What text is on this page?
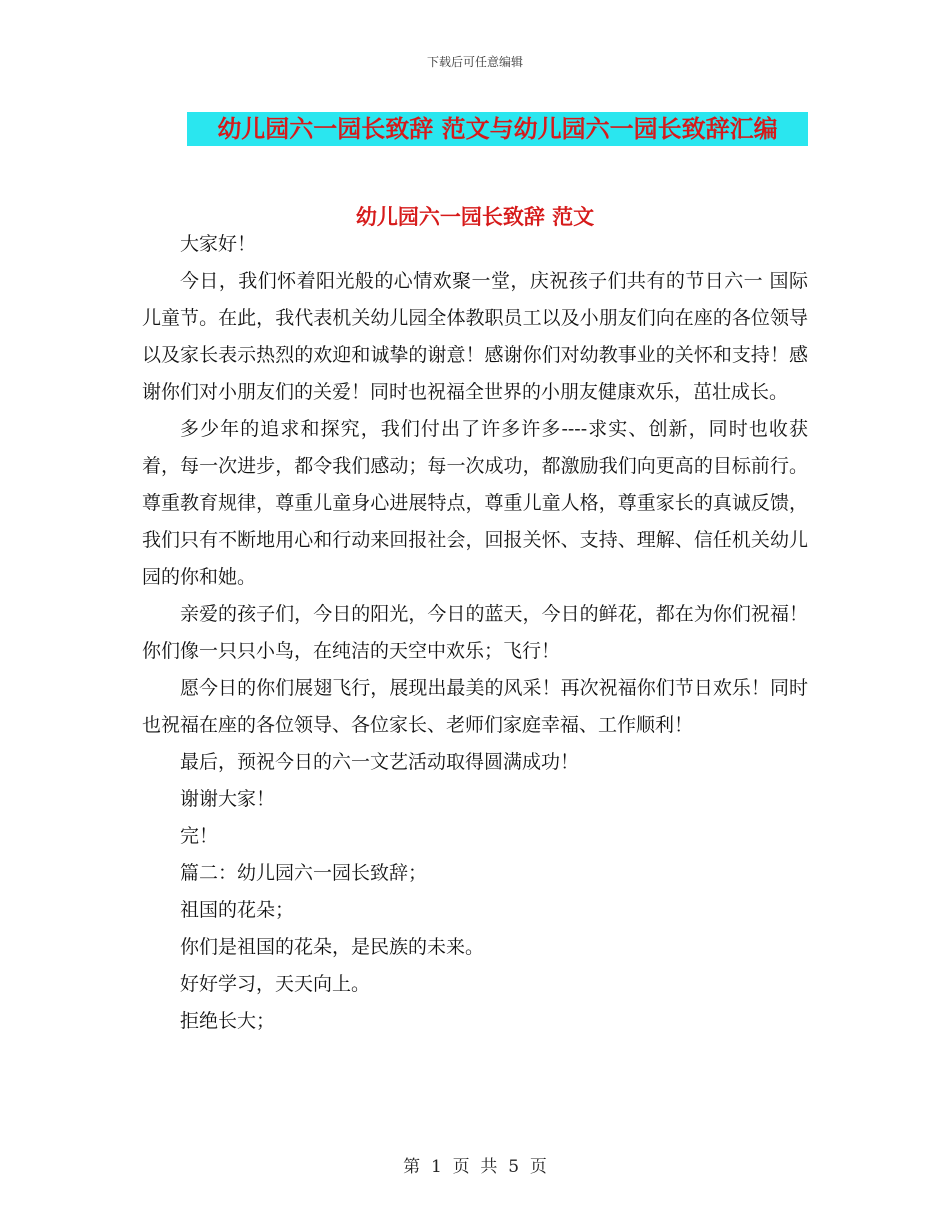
下载后可任意编辑
幼儿园六一园长致辞 范文与幼儿园六一园长致辞汇编
幼儿园六一园长致辞 范文

大家好！

今日，我们怀着阳光般的心情欢聚一堂，庆祝孩子们共有的节日六一 国际儿童节。在此，我代表机关幼儿园全体教职员工以及小朋友们向在座的各位领导以及家长表示热烈的欢迎和诚挚的谢意！感谢你们对幼教事业的关怀和支持！感谢你们对小朋友们的关爱！同时也祝福全世界的小朋友健康欢乐，茁壮成长。

多少年的追求和探究，我们付出了许多许多----求实、创新，同时也收获着，每一次进步，都令我们感动；每一次成功，都激励我们向更高的目标前行。尊重教育规律，尊重儿童身心进展特点，尊重儿童人格，尊重家长的真诚反馈，我们只有不断地用心和行动来回报社会，回报关怀、支持、理解、信任机关幼儿园的你和她。

亲爱的孩子们，今日的阳光，今日的蓝天，今日的鲜花，都在为你们祝福！你们像一只只小鸟，在纯洁的天空中欢乐；飞行！

愿今日的你们展翅飞行，展现出最美的风采！再次祝福你们节日欢乐！同时也祝福在座的各位领导、各位家长、老师们家庭幸福、工作顺利！

最后，预祝今日的六一文艺活动取得圆满成功！

谢谢大家！

完！

篇二：幼儿园六一园长致辞；

祖国的花朵；

你们是祖国的花朵，是民族的未来。

好好学习，天天向上。

拒绝长大；

第  1  页  共  5  页
